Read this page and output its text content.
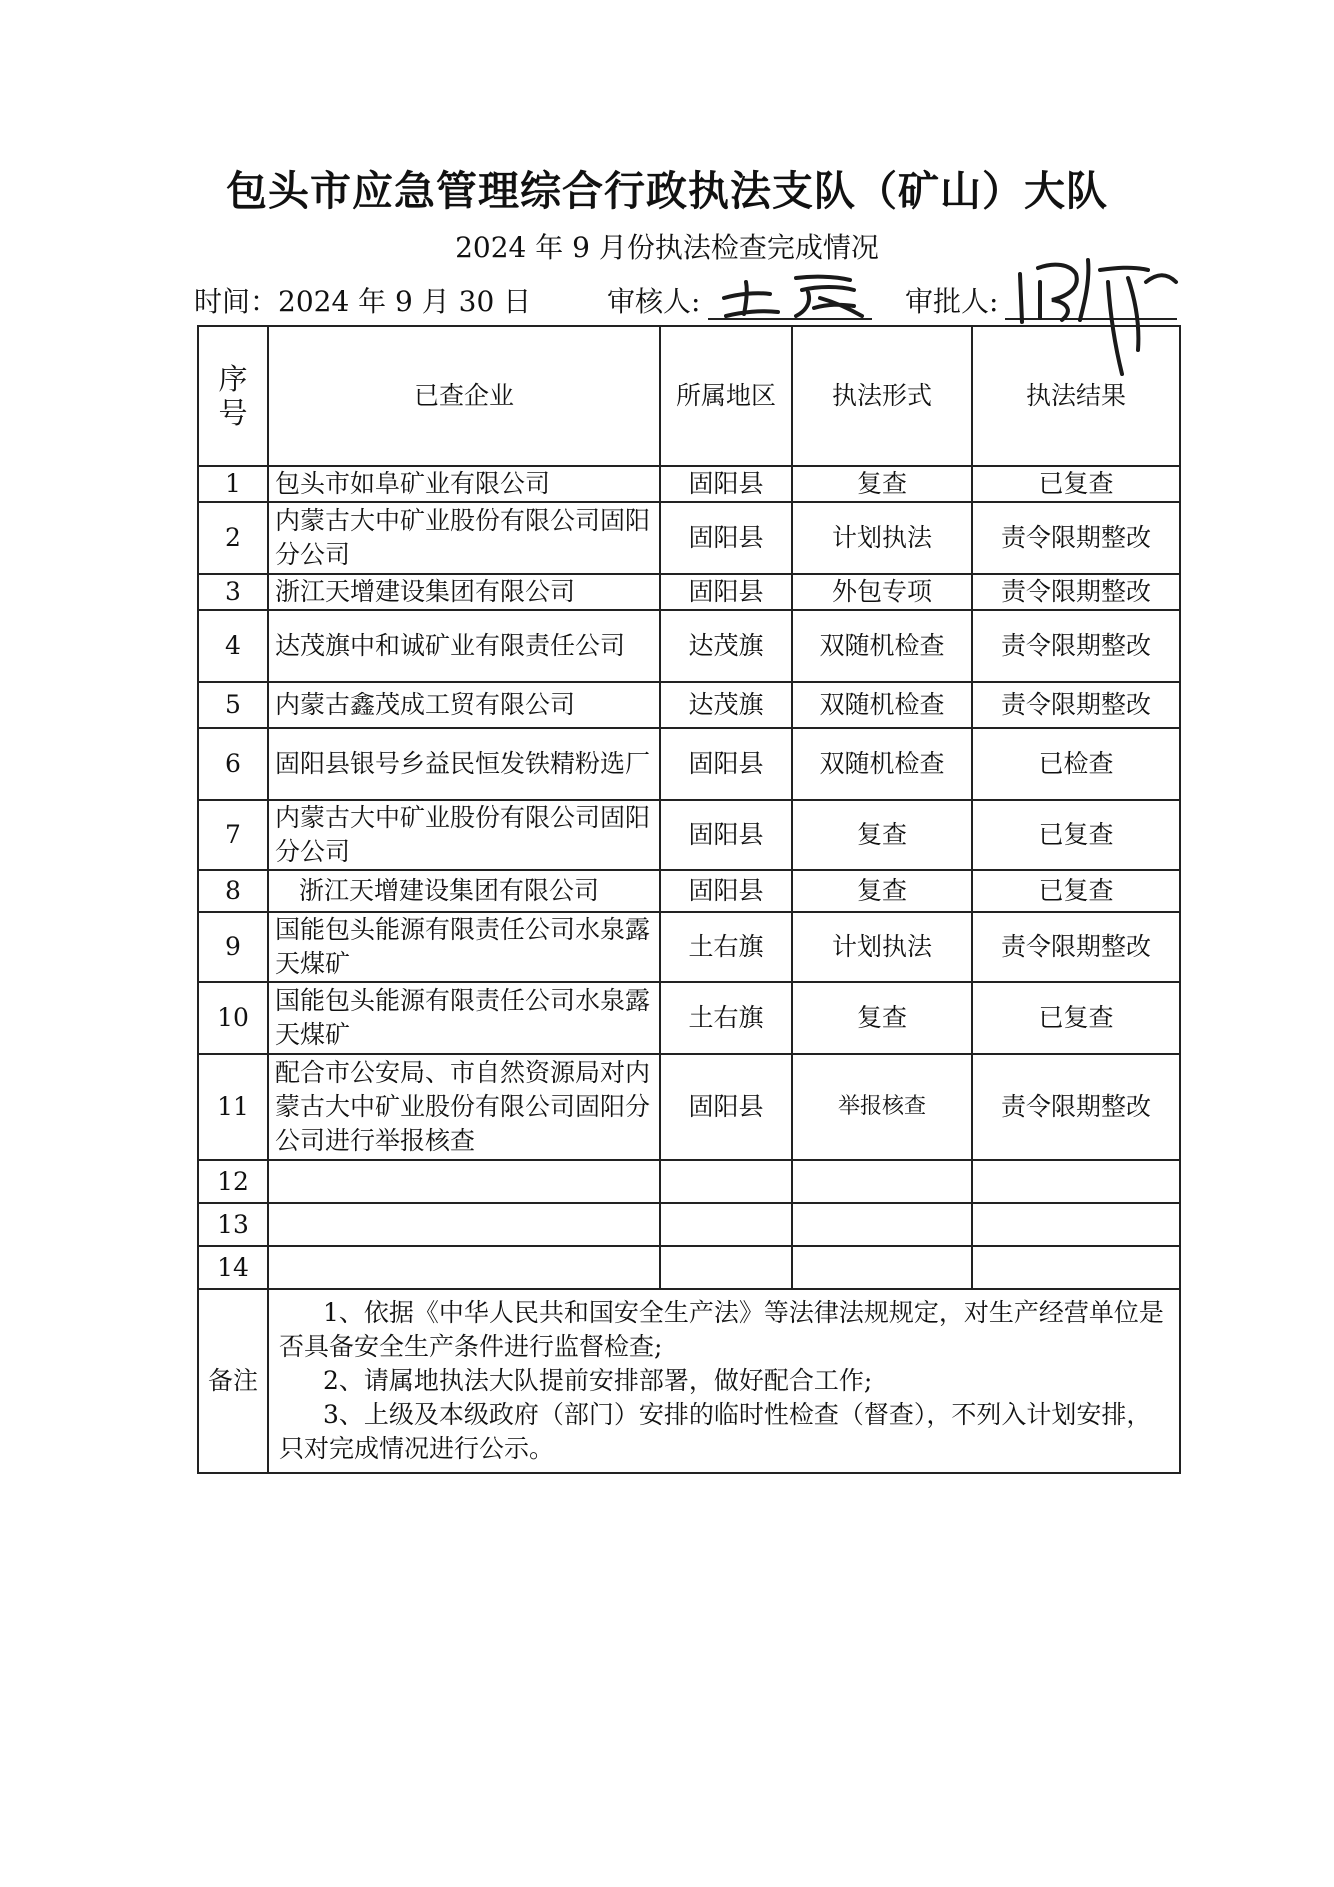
包头市应急管理综合行政执法支队（矿山）大队
2024 年 9 月份执法检查完成情况
时间：2024 年 9 月 30 日	审核人:	审批人:
序号	已查企业	所属地区	执法形式	执法结果
1	包头市如阜矿业有限公司	固阳县	复查	已复查
2	内蒙古大中矿业股份有限公司固阳分公司	固阳县	计划执法	责令限期整改
3	浙江天增建设集团有限公司	固阳县	外包专项	责令限期整改
4	达茂旗中和诚矿业有限责任公司	达茂旗	双随机检查	责令限期整改
5	内蒙古鑫茂成工贸有限公司	达茂旗	双随机检查	责令限期整改
6	固阳县银号乡益民恒发铁精粉选厂	固阳县	双随机检查	已检查
7	内蒙古大中矿业股份有限公司固阳分公司	固阳县	复查	已复查
8	浙江天增建设集团有限公司	固阳县	复查	已复查
9	国能包头能源有限责任公司水泉露天煤矿	土右旗	计划执法	责令限期整改
10	国能包头能源有限责任公司水泉露天煤矿	土右旗	复查	已复查
11	配合市公安局、市自然资源局对内蒙古大中矿业股份有限公司固阳分公司进行举报核查	固阳县	举报核查	责令限期整改
12				
13				
14				
备注	1、依据《中华人民共和国安全生产法》等法律法规规定，对生产经营单位是否具备安全生产条件进行监督检查;

2、请属地执法大队提前安排部署，做好配合工作;

3、上级及本级政府（部门）安排的临时性检查（督查），不列入计划安排，只对完成情况进行公示。			
